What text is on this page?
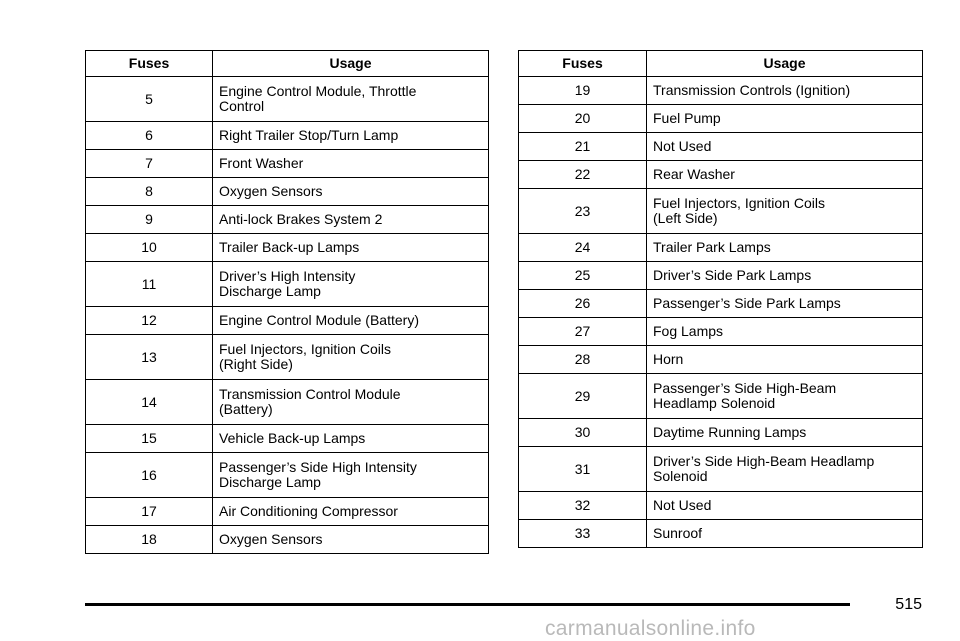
Fuses	Usage
5	Engine Control Module, Throttle
Control
6	Right Trailer Stop/Turn Lamp
7	Front Washer
8	Oxygen Sensors
9	Anti-lock Brakes System 2
10	Trailer Back-up Lamps
11	Driver’s High Intensity
Discharge Lamp
12	Engine Control Module (Battery)
13	Fuel Injectors, Ignition Coils
(Right Side)
14	Transmission Control Module
(Battery)
15	Vehicle Back-up Lamps
16	Passenger’s Side High Intensity
Discharge Lamp
17	Air Conditioning Compressor
18	Oxygen Sensors
Fuses	Usage
19	Transmission Controls (Ignition)
20	Fuel Pump
21	Not Used
22	Rear Washer
23	Fuel Injectors, Ignition Coils
(Left Side)
24	Trailer Park Lamps
25	Driver’s Side Park Lamps
26	Passenger’s Side Park Lamps
27	Fog Lamps
28	Horn
29	Passenger’s Side High-Beam
Headlamp Solenoid
30	Daytime Running Lamps
31	Driver’s Side High-Beam Headlamp
Solenoid
32	Not Used
33	Sunroof
515
carmanualsonline.info
